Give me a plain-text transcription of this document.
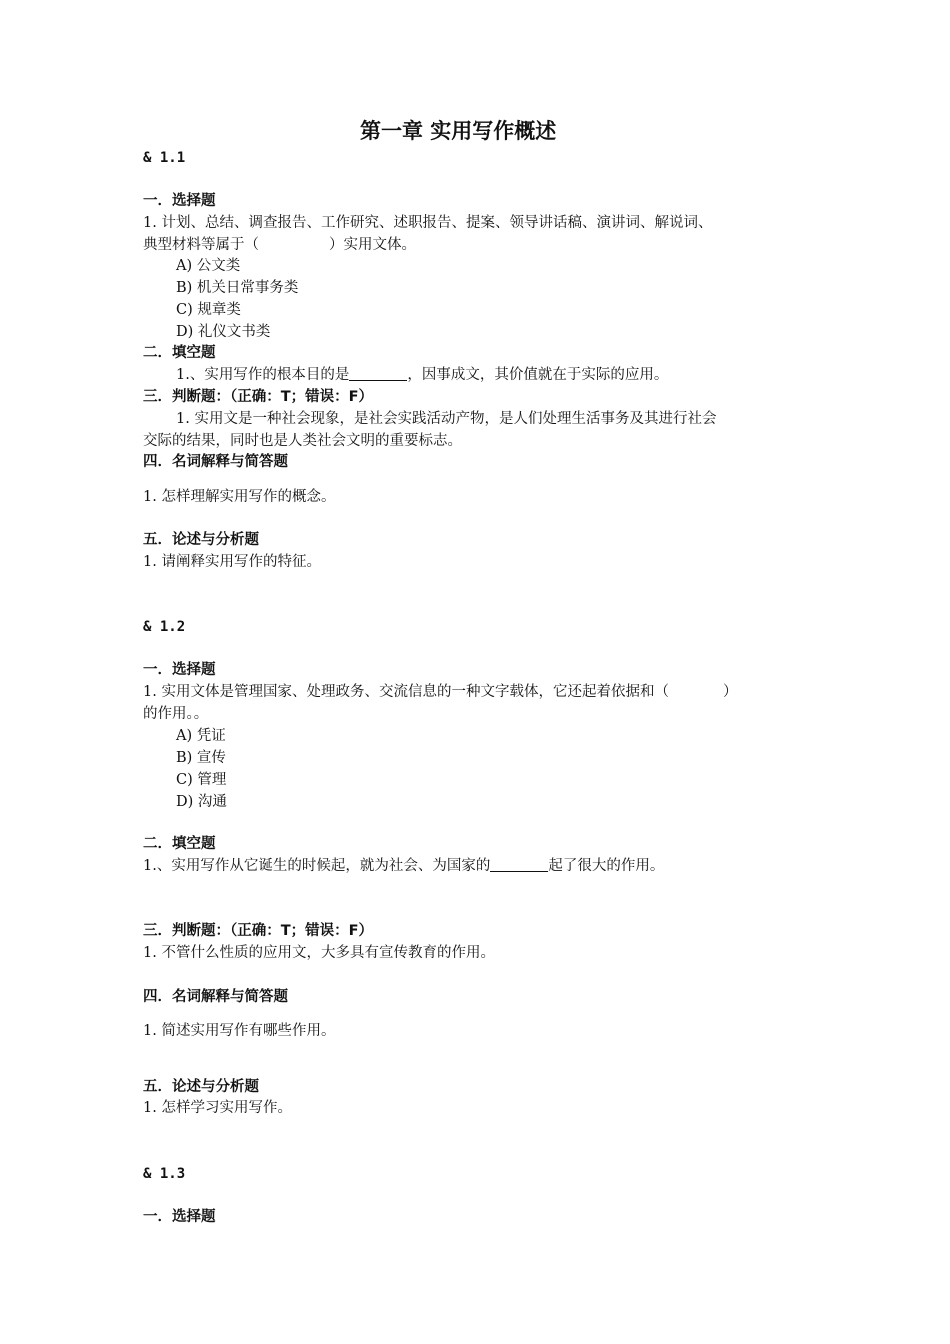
第一章 实用写作概述
& 1.1
一．选择题
1. 计划、总结、调查报告、工作研究、述职报告、提案、领导讲话稿、演讲词、解说词、
典型材料等属于（	）实用文体。
A) 公文类
B) 机关日常事务类
C) 规章类
D) 礼仪文书类
二．填空题
1.、实用写作的根本目的是	，因事成文，其价值就在于实际的应用。
三．判断题：（正确：T；错误：F）
1. 实用文是一种社会现象，是社会实践活动产物，是人们处理生活事务及其进行社会
交际的结果，同时也是人类社会文明的重要标志。
四．名词解释与简答题
1. 怎样理解实用写作的概念。
五．论述与分析题
1. 请阐释实用写作的特征。
& 1.2
一．选择题
1. 实用文体是管理国家、处理政务、交流信息的一种文字载体，它还起着依据和（	）
的作用。。
A) 凭证
B) 宣传
C) 管理
D) 沟通
二．填空题
1.、实用写作从它诞生的时候起，就为社会、为国家的	起了很大的作用。
三．判断题：（正确：T；错误：F）
1. 不管什么性质的应用文，大多具有宣传教育的作用。
四．名词解释与简答题
1. 简述实用写作有哪些作用。
五．论述与分析题
1. 怎样学习实用写作。
& 1.3
一．选择题
